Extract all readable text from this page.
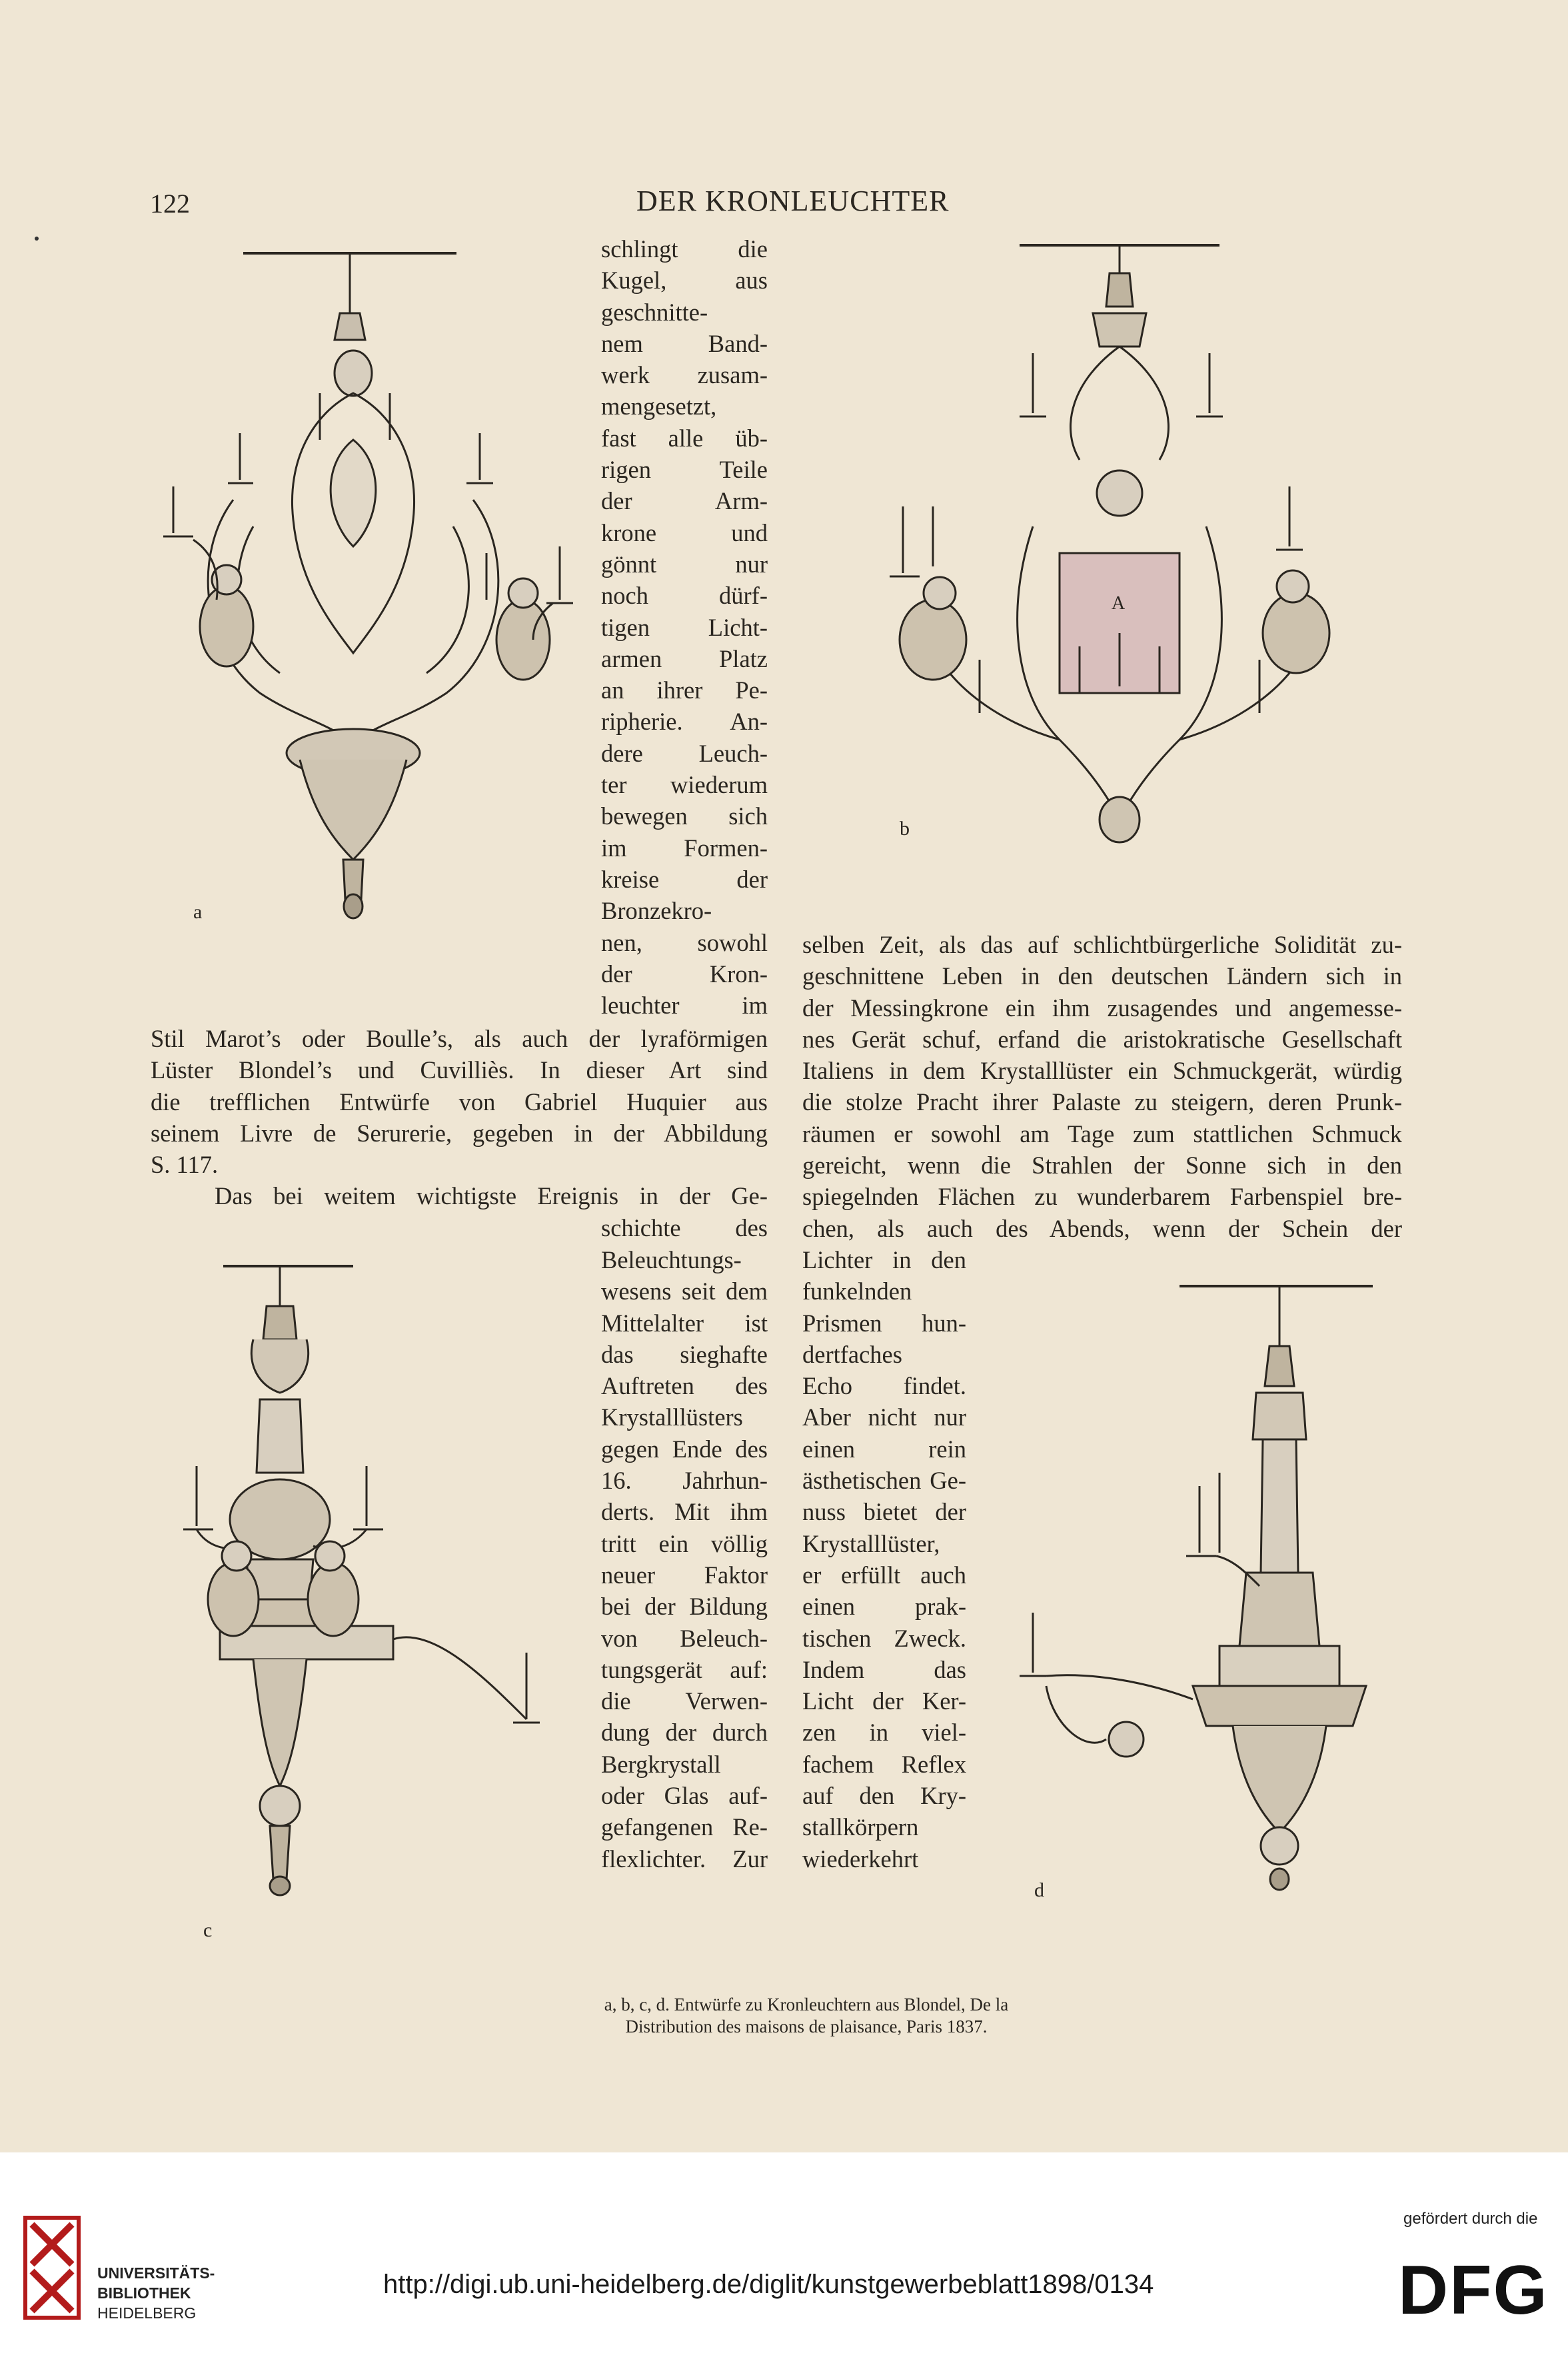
122	DER KRONLEUCHTER
a
A
b
c
d
schlingt die
Kugel, aus
geschnitte-
nem Band-
werk zusam-
mengesetzt,
fast alle üb-
rigen Teile
der Arm-
krone und
gönnt nur
noch dürf-
tigen Licht-
armen Platz
an ihrer Pe-
ripherie. An-
dere Leuch-
ter wiederum
bewegen sich
im Formen-
kreise der
Bronzekro-
nen, sowohl
der Kron-
leuchter im
Stil Marot’s oder Boulle’s, als auch der lyraförmigen
Lüster Blondel’s und Cuvilliès. In dieser Art sind
die trefflichen Entwürfe von Gabriel Huquier aus
seinem Livre de Serurerie, gegeben in der Abbildung
S. 117.
Das bei weitem wichtigste Ereignis in der Ge-
schichte des
Beleuchtungs-
wesens seit dem
Mittelalter ist
das sieghafte
Auftreten des
Krystalllüsters
gegen Ende des
16. Jahrhun-
derts. Mit ihm
tritt ein völlig
neuer Faktor
bei der Bildung
von Beleuch-
tungsgerät auf:
die Verwen-
dung der durch
Bergkrystall
oder Glas auf-
gefangenen Re-
flexlichter. Zur
selben Zeit, als das auf schlichtbürgerliche Solidität zu-
geschnittene Leben in den deutschen Ländern sich in
der Messingkrone ein ihm zusagendes und angemesse-
nes Gerät schuf, erfand die aristokratische Gesellschaft
Italiens in dem Krystalllüster ein Schmuckgerät, würdig
die stolze Pracht ihrer Palaste zu steigern, deren Prunk-
räumen er sowohl am Tage zum stattlichen Schmuck
gereicht, wenn die Strahlen der Sonne sich in den
spiegelnden Flächen zu wunderbarem Farbenspiel bre-
chen, als auch des Abends, wenn der Schein der
Lichter in den
funkelnden
Prismen hun-
dertfaches
Echo findet.
Aber nicht nur
einen rein
ästhetischen Ge-
nuss bietet der
Krystalllüster,
er erfüllt auch
einen prak-
tischen Zweck.
Indem das
Licht der Ker-
zen in viel-
fachem Reflex
auf den Kry-
stallkörpern
wiederkehrt
a, b, c, d. Entwürfe zu Kronleuchtern aus Blondel, De la
Distribution des maisons de plaisance, Paris 1837.
UNIVERSITÄTS-
BIBLIOTHEK
HEIDELBERG
http://digi.ub.uni-heidelberg.de/diglit/kunstgewerbeblatt1898/0134
gefördert durch die
DFG
